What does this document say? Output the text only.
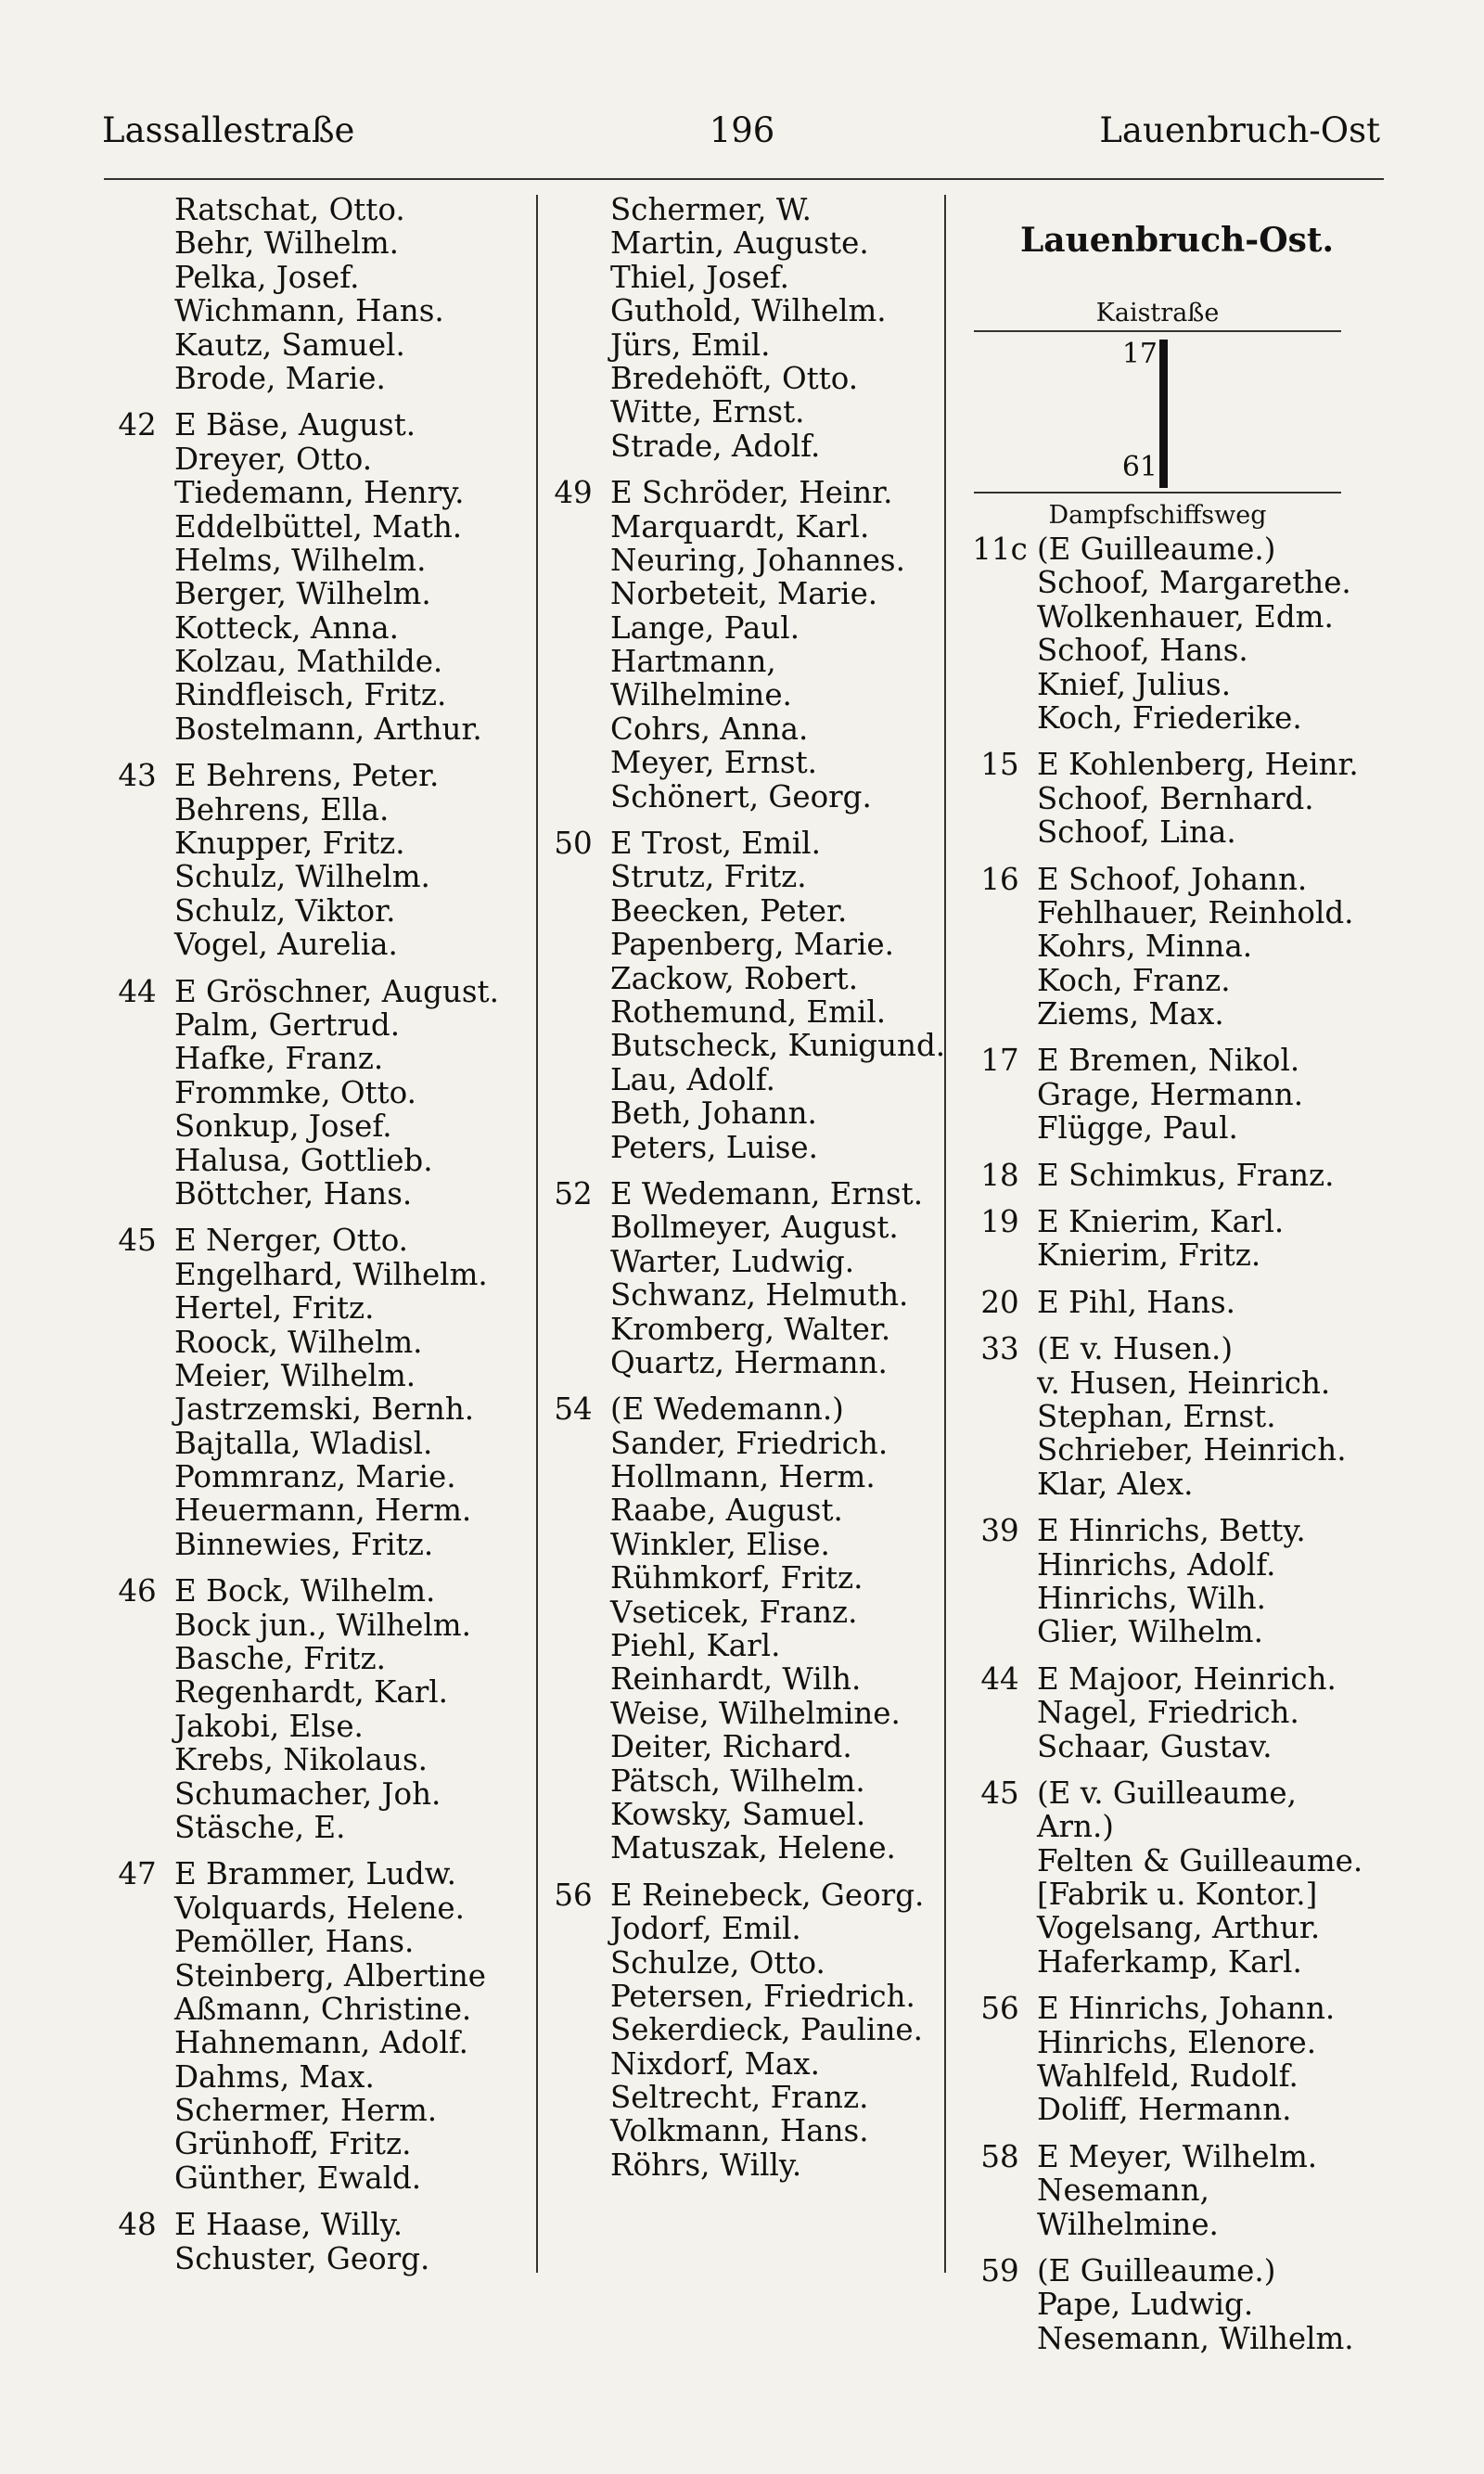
Lassallestraße	196	Lauenbruch-Ost
Ratschat, Otto.
Behr, Wilhelm.
Pelka, Josef.
Wichmann, Hans.
Kautz, Samuel.
Brode, Marie.
42 E Bäse, August.
Dreyer, Otto.
Tiedemann, Henry.
Eddelbüttel, Math.
Helms, Wilhelm.
Berger, Wilhelm.
Kotteck, Anna.
Kolzau, Mathilde.
Rindfleisch, Fritz.
Bostelmann, Arthur.
43 E Behrens, Peter.
Behrens, Ella.
Knupper, Fritz.
Schulz, Wilhelm.
Schulz, Viktor.
Vogel, Aurelia.
44 E Gröschner, August.
Palm, Gertrud.
Hafke, Franz.
Frommke, Otto.
Sonkup, Josef.
Halusa, Gottlieb.
Böttcher, Hans.
45 E Nerger, Otto.
Engelhard, Wilhelm.
Hertel, Fritz.
Roock, Wilhelm.
Meier, Wilhelm.
Jastrzemski, Bernh.
Bajtalla, Wladisl.
Pommranz, Marie.
Heuermann, Herm.
Binnewies, Fritz.
46 E Bock, Wilhelm.
Bock jun., Wilhelm.
Basche, Fritz.
Regenhardt, Karl.
Jakobi, Else.
Krebs, Nikolaus.
Schumacher, Joh.
Stäsche, E.
47 E Brammer, Ludw.
Volquards, Helene.
Pemöller, Hans.
Steinberg, Albertine
Aßmann, Christine.
Hahnemann, Adolf.
Dahms, Max.
Schermer, Herm.
Grünhoff, Fritz.
Günther, Ewald.
48 E Haase, Willy.
Schuster, Georg.
Schermer, W.
Martin, Auguste.
Thiel, Josef.
Guthold, Wilhelm.
Jürs, Emil.
Bredehöft, Otto.
Witte, Ernst.
Strade, Adolf.
49 E Schröder, Heinr.
Marquardt, Karl.
Neuring, Johannes.
Norbeteit, Marie.
Lange, Paul.
Hartmann,
Wilhelmine.
Cohrs, Anna.
Meyer, Ernst.
Schönert, Georg.
50 E Trost, Emil.
Strutz, Fritz.
Beecken, Peter.
Papenberg, Marie.
Zackow, Robert.
Rothemund, Emil.
Butscheck, Kunigund.
Lau, Adolf.
Beth, Johann.
Peters, Luise.
52 E Wedemann, Ernst.
Bollmeyer, August.
Warter, Ludwig.
Schwanz, Helmuth.
Kromberg, Walter.
Quartz, Hermann.
54 (E Wedemann.)
Sander, Friedrich.
Hollmann, Herm.
Raabe, August.
Winkler, Elise.
Rühmkorf, Fritz.
Vseticek, Franz.
Piehl, Karl.
Reinhardt, Wilh.
Weise, Wilhelmine.
Deiter, Richard.
Pätsch, Wilhelm.
Kowsky, Samuel.
Matuszak, Helene.
56 E Reinebeck, Georg.
Jodorf, Emil.
Schulze, Otto.
Petersen, Friedrich.
Sekerdieck, Pauline.
Nixdorf, Max.
Seltrecht, Franz.
Volkmann, Hans.
Röhrs, Willy.
Lauenbruch-Ost.
Kaistraße
17
61
Dampfschiffsweg
11c (E Guilleaume.)
Schoof, Margarethe.
Wolkenhauer, Edm.
Schoof, Hans.
Knief, Julius.
Koch, Friederike.
15 E Kohlenberg, Heinr.
Schoof, Bernhard.
Schoof, Lina.
16 E Schoof, Johann.
Fehlhauer, Reinhold.
Kohrs, Minna.
Koch, Franz.
Ziems, Max.
17 E Bremen, Nikol.
Grage, Hermann.
Flügge, Paul.
18 E Schimkus, Franz.
19 E Knierim, Karl.
Knierim, Fritz.
20 E Pihl, Hans.
33 (E v. Husen.)
v. Husen, Heinrich.
Stephan, Ernst.
Schrieber, Heinrich.
Klar, Alex.
39 E Hinrichs, Betty.
Hinrichs, Adolf.
Hinrichs, Wilh.
Glier, Wilhelm.
44 E Majoor, Heinrich.
Nagel, Friedrich.
Schaar, Gustav.
45 (E v. Guilleaume,
Arn.)
Felten & Guilleaume.
[Fabrik u. Kontor.]
Vogelsang, Arthur.
Haferkamp, Karl.
56 E Hinrichs, Johann.
Hinrichs, Elenore.
Wahlfeld, Rudolf.
Doliff, Hermann.
58 E Meyer, Wilhelm.
Nesemann,
Wilhelmine.
59 (E Guilleaume.)
Pape, Ludwig.
Nesemann, Wilhelm.
